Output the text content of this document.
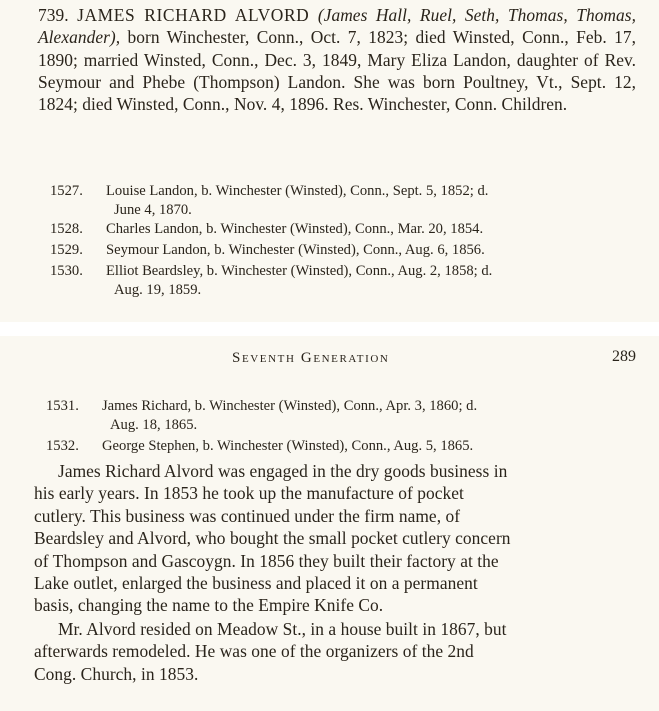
739. JAMES RICHARD ALVORD (James Hall, Ruel, Seth, Thomas, Thomas, Alexander), born Winchester, Conn., Oct. 7, 1823; died Winsted, Conn., Feb. 17, 1890; married Winsted, Conn., Dec. 3, 1849, Mary Eliza Landon, daughter of Rev. Seymour and Phebe (Thompson) Landon. She was born Poultney, Vt., Sept. 12, 1824; died Winsted, Conn., Nov. 4, 1896. Res. Winchester, Conn. Children.
1527. Louise Landon, b. Winchester (Winsted), Conn., Sept. 5, 1852; d.
June 4, 1870.
1528. Charles Landon, b. Winchester (Winsted), Conn., Mar. 20, 1854.
1529. Seymour Landon, b. Winchester (Winsted), Conn., Aug. 6, 1856.
1530. Elliot Beardsley, b. Winchester (Winsted), Conn., Aug. 2, 1858; d.
Aug. 19, 1859.
Seventh Generation	289
1531. James Richard, b. Winchester (Winsted), Conn., Apr. 3, 1860; d.
Aug. 18, 1865.
1532. George Stephen, b. Winchester (Winsted), Conn., Aug. 5, 1865.
James Richard Alvord was engaged in the dry goods business in
his early years. In 1853 he took up the manufacture of pocket
cutlery. This business was continued under the firm name, of
Beardsley and Alvord, who bought the small pocket cutlery concern
of Thompson and Gascoygn. In 1856 they built their factory at the
Lake outlet, enlarged the business and placed it on a permanent
basis, changing the name to the Empire Knife Co.
Mr. Alvord resided on Meadow St., in a house built in 1867, but
afterwards remodeled. He was one of the organizers of the 2nd
Cong. Church, in 1853.
